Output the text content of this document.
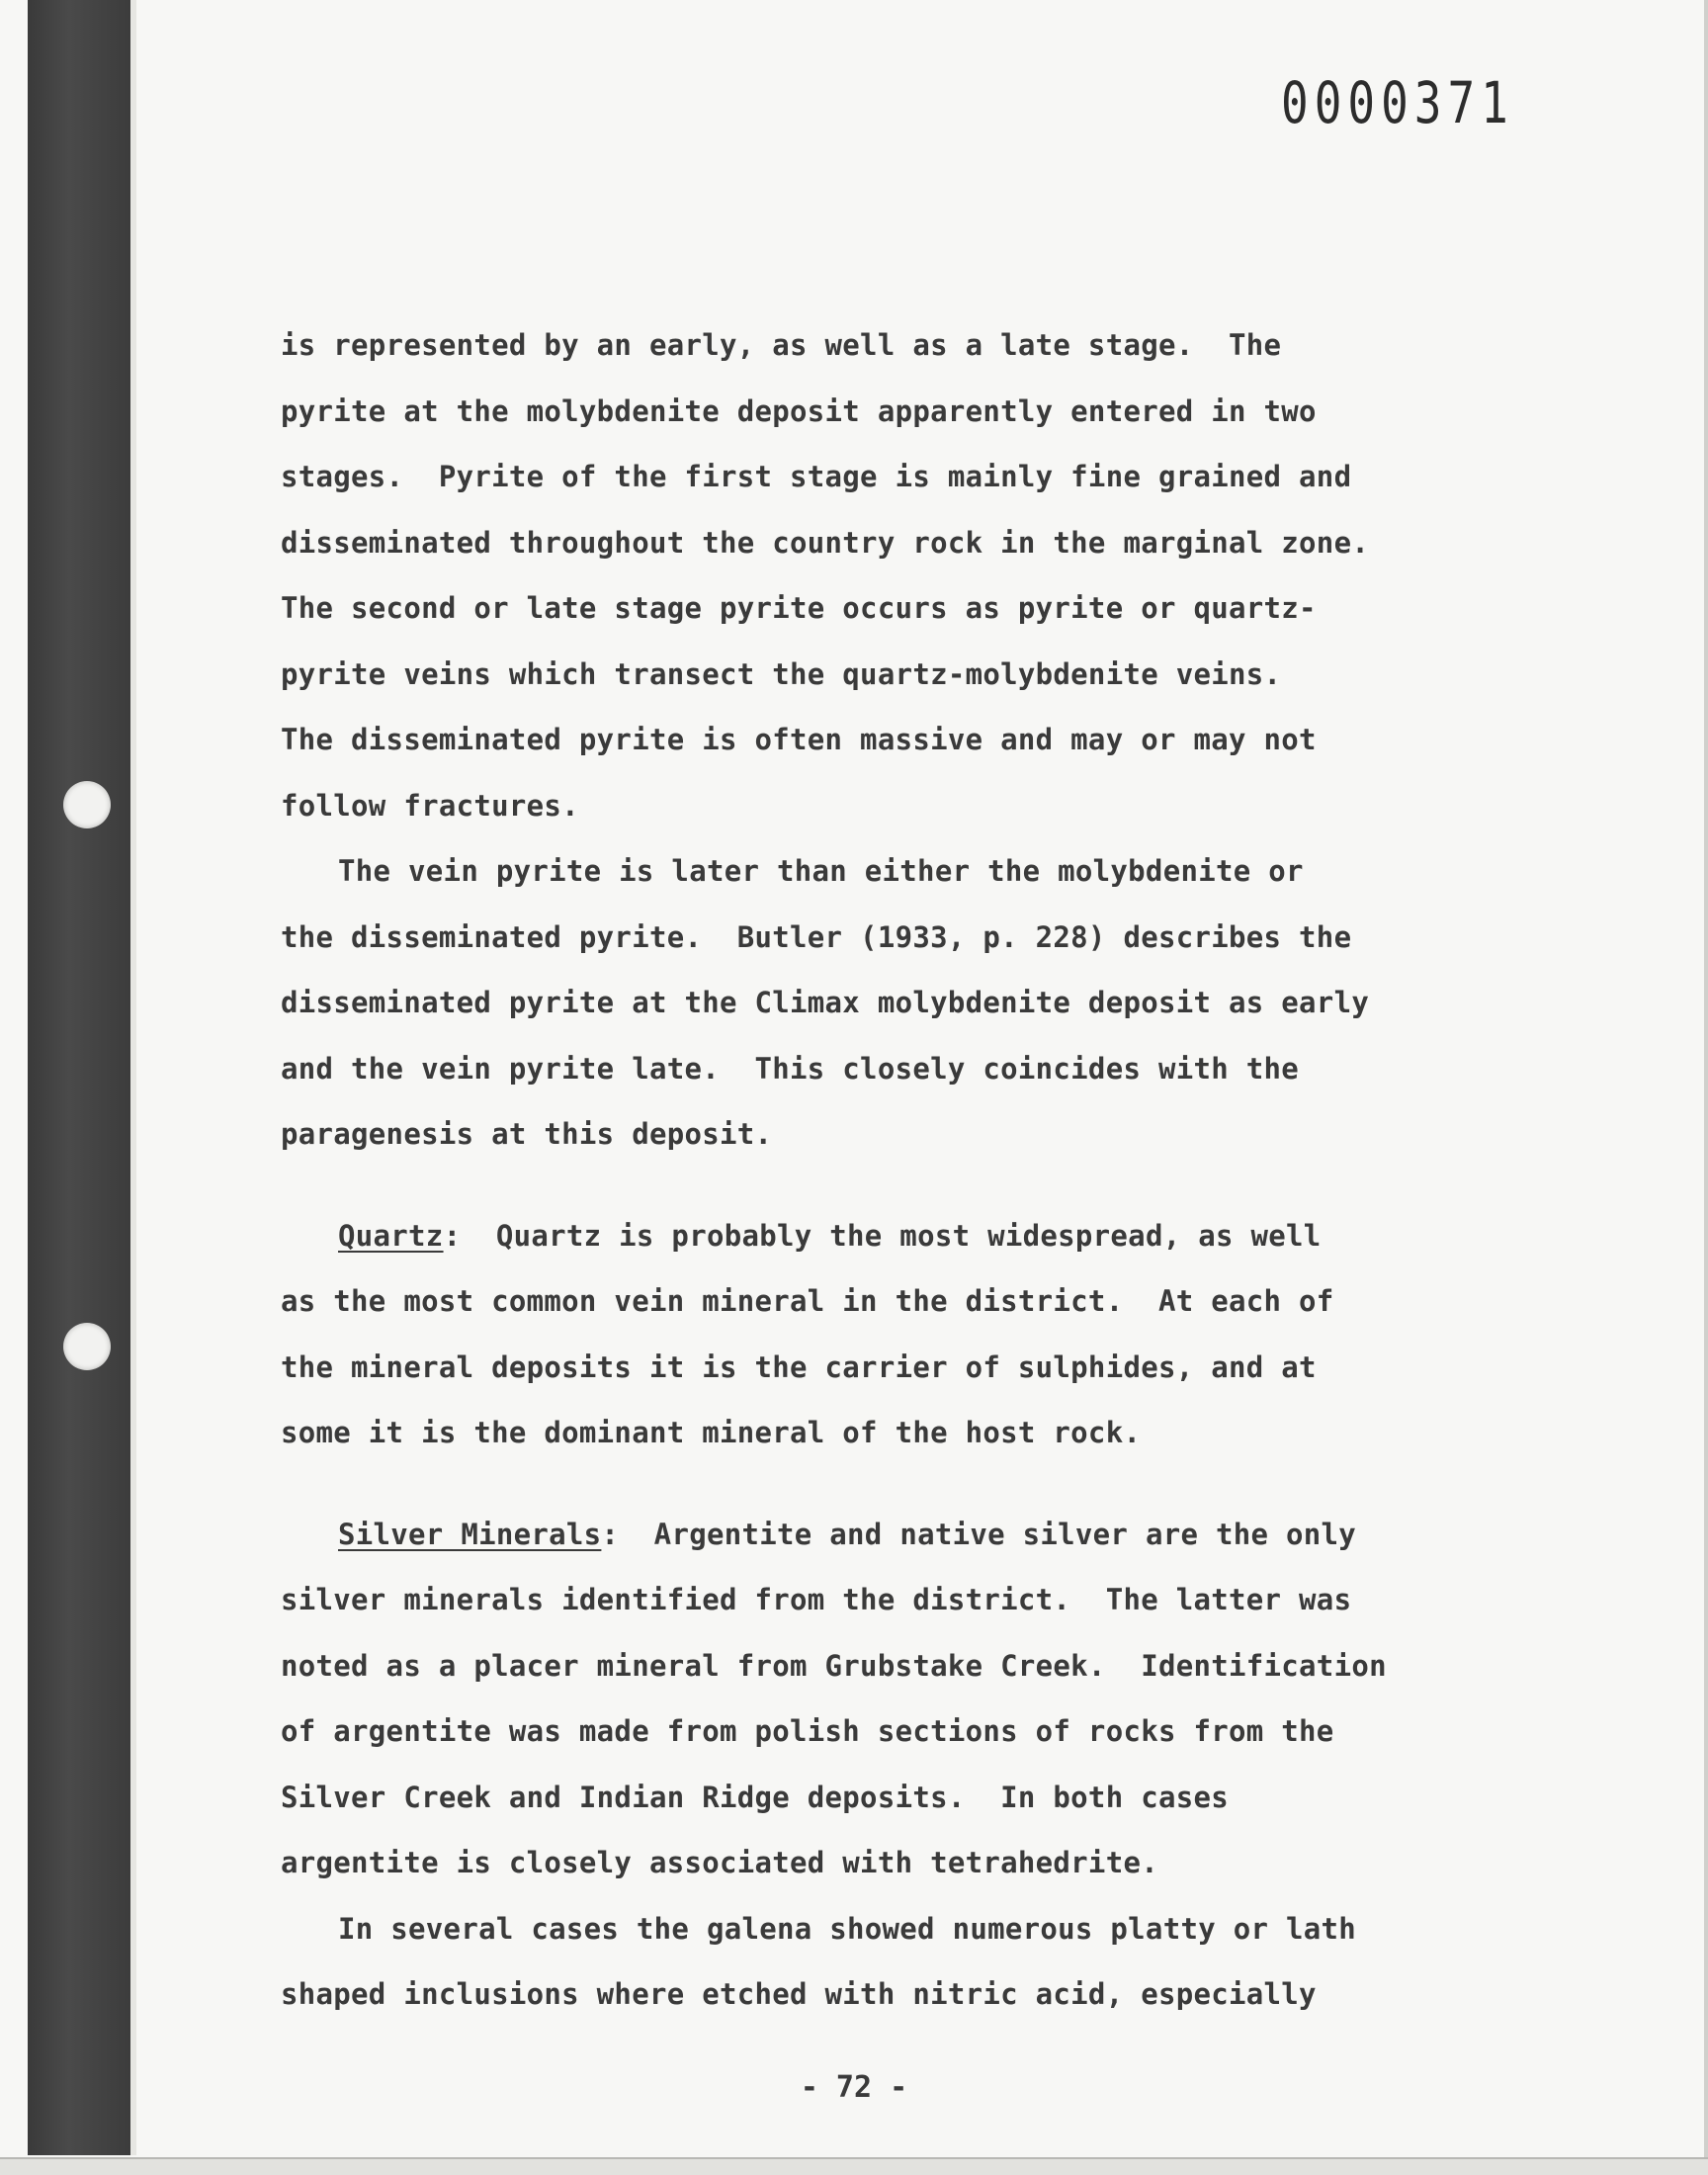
0000371
is represented by an early, as well as a late stage.  The
pyrite at the molybdenite deposit apparently entered in two
stages.  Pyrite of the first stage is mainly fine grained and
disseminated throughout the country rock in the marginal zone.
The second or late stage pyrite occurs as pyrite or quartz-
pyrite veins which transect the quartz-molybdenite veins.
The disseminated pyrite is often massive and may or may not
follow fractures.
The vein pyrite is later than either the molybdenite or
the disseminated pyrite.  Butler (1933, p. 228) describes the
disseminated pyrite at the Climax molybdenite deposit as early
and the vein pyrite late.  This closely coincides with the
paragenesis at this deposit.
Quartz:  Quartz is probably the most widespread, as well
as the most common vein mineral in the district.  At each of
the mineral deposits it is the carrier of sulphides, and at
some it is the dominant mineral of the host rock.
Silver Minerals:  Argentite and native silver are the only
silver minerals identified from the district.  The latter was
noted as a placer mineral from Grubstake Creek.  Identification
of argentite was made from polish sections of rocks from the
Silver Creek and Indian Ridge deposits.  In both cases
argentite is closely associated with tetrahedrite.
In several cases the galena showed numerous platty or lath
shaped inclusions where etched with nitric acid, especially
- 72 -
